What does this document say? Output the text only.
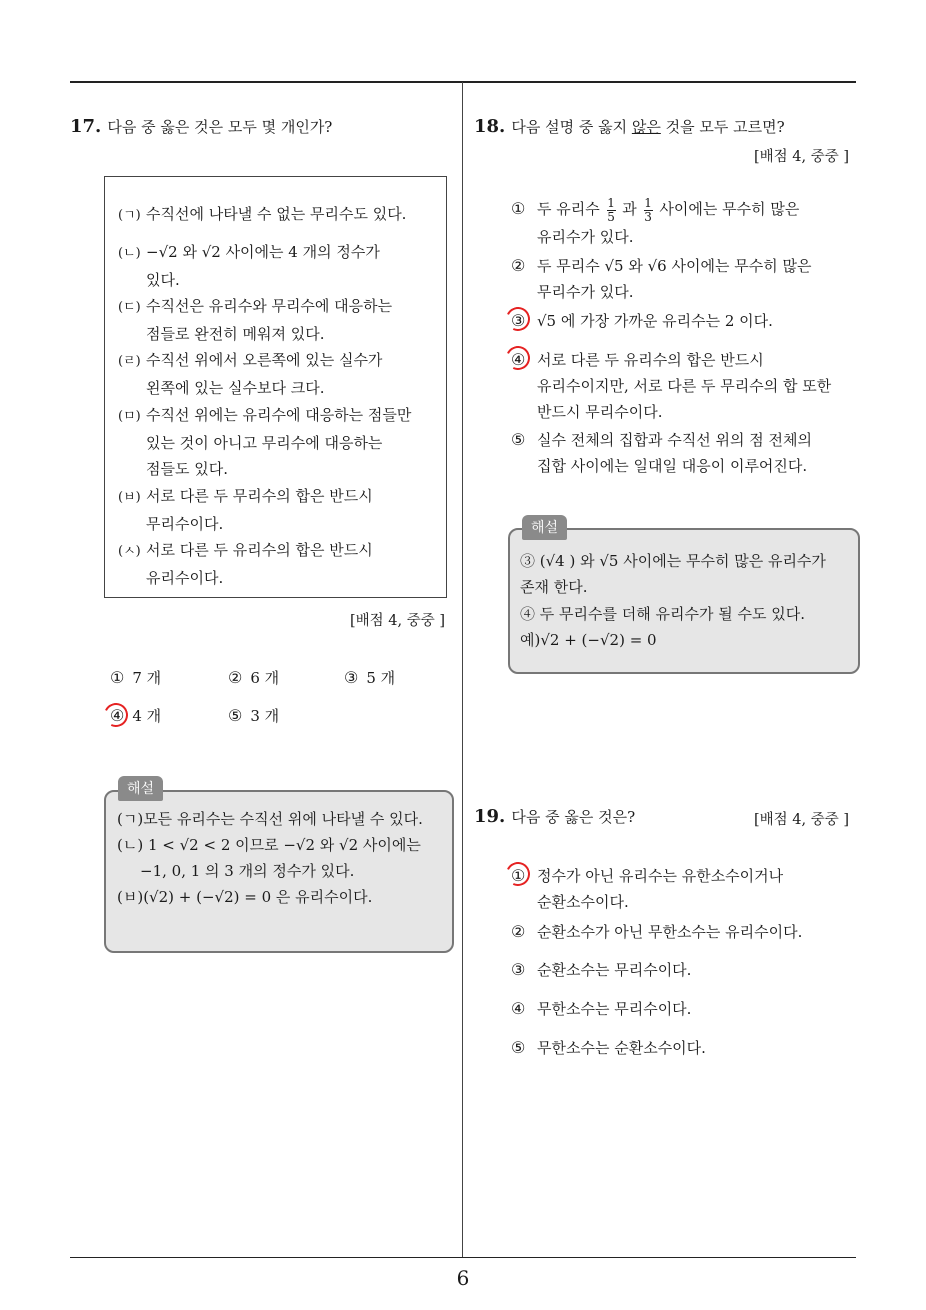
6
17. 다음 중 옳은 것은 모두 몇 개인가?
(ㄱ) 수직선에 나타낼 수 없는 무리수도 있다.
(ㄴ) −√2 와 √2 사이에는 4 개의 정수가
있다.
(ㄷ) 수직선은 유리수와 무리수에 대응하는
점들로 완전히 메워져 있다.
(ㄹ) 수직선 위에서 오른쪽에 있는 실수가
왼쪽에 있는 실수보다 크다.
(ㅁ) 수직선 위에는 유리수에 대응하는 점들만
있는 것이 아니고 무리수에 대응하는
점들도 있다.
(ㅂ) 서로 다른 두 무리수의 합은 반드시
무리수이다.
(ㅅ) 서로 다른 두 유리수의 합은 반드시
유리수이다.
[배점 4, 중중 ]
① 7 개	② 6 개	③ 5 개
④ 4 개	⑤ 3 개
해설
(ㄱ)모든 유리수는 수직선 위에 나타낼 수 있다.
(ㄴ) 1 < √2 < 2 이므로 −√2 와 √2 사이에는
−1, 0, 1 의 3 개의 정수가 있다.
(ㅂ)(√2) + (−√2) = 0 은 유리수이다.
18. 다음 설명 중 옳지 않은 것을 모두 고르면?
[배점 4, 중중 ]
① 두 유리수 $\frac{1}{5}$ 과 $\frac{1}{3}$ 사이에는 무수히 많은
유리수가 있다.
② 두 무리수 √5 와 √6 사이에는 무수히 많은
무리수가 있다.
③ √5 에 가장 가까운 유리수는 2 이다.
④ 서로 다른 두 유리수의 합은 반드시
유리수이지만, 서로 다른 두 무리수의 합 또한
반드시 무리수이다.
⑤ 실수 전체의 집합과 수직선 위의 점 전체의
집합 사이에는 일대일 대응이 이루어진다.
해설
③ (√4 ) 와 √5 사이에는 무수히 많은 유리수가
존재 한다.
④ 두 무리수를 더해 유리수가 될 수도 있다.
예)√2 + (−√2) = 0
19. 다음 중 옳은 것은?	[배점 4, 중중 ]
① 정수가 아닌 유리수는 유한소수이거나
순환소수이다.
② 순환소수가 아닌 무한소수는 유리수이다.
③ 순환소수는 무리수이다.
④ 무한소수는 무리수이다.
⑤ 무한소수는 순환소수이다.
